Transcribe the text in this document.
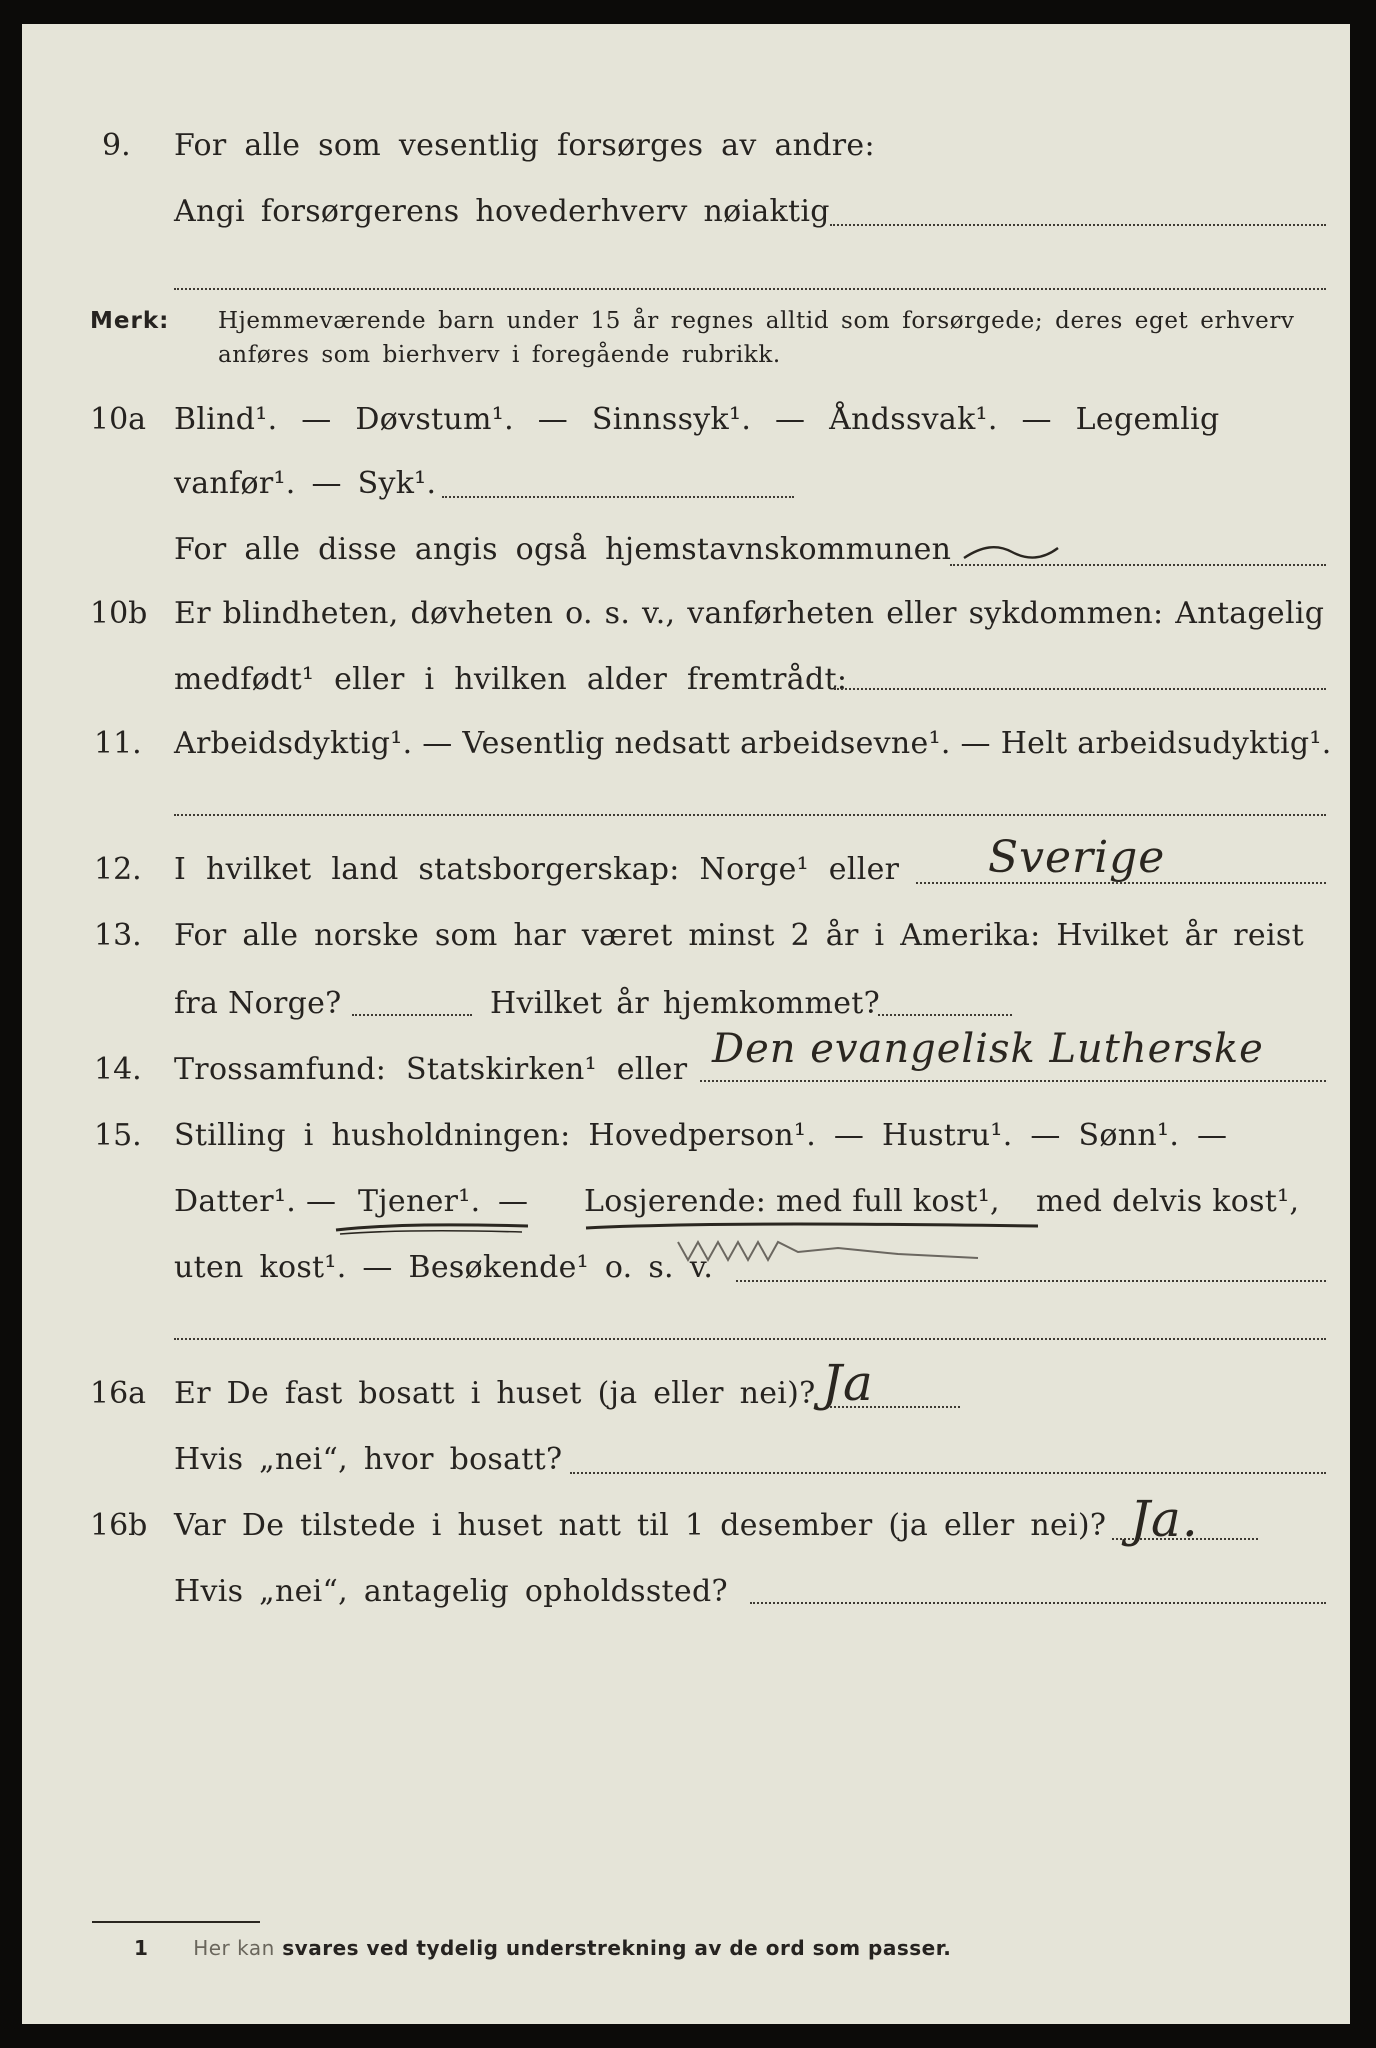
9. For alle som vesentlig forsørges av andre:
Angi forsørgerens hovederhverv nøiaktig
Merk: Hjemmeværende barn under 15 år regnes alltid som forsørgede; deres eget erhverv
anføres som bierhverv i foregående rubrikk.
10a Blind¹. — Døvstum¹. — Sinnssyk¹. — Åndssvak¹. — Legemlig
vanfør¹. — Syk¹.
For alle disse angis også hjemstavnskommunen
10b Er blindheten, døvheten o. s. v., vanførheten eller sykdommen: Antagelig
medfødt¹ eller i hvilken alder fremtrådt:
11. Arbeidsdyktig¹. — Vesentlig nedsatt arbeidsevne¹. — Helt arbeidsudyktig¹.
12. I hvilket land statsborgerskap: Norge¹ eller Sverige
13. For alle norske som har været minst 2 år i Amerika: Hvilket år reist
fra Norge?	Hvilket år hjemkommet?
14. Trossamfund: Statskirken¹ eller Den evangelisk Lutherske
15. Stilling i husholdningen: Hovedperson¹. — Hustru¹. — Sønn¹. —
Datter¹. — Tjener¹. — Losjerende: med full kost¹, med delvis kost¹,
uten kost¹. — Besøkende¹ o. s. v.
16a Er De fast bosatt i huset (ja eller nei)? Ja
Hvis „nei“, hvor bosatt?
16b Var De tilstede i huset natt til 1 desember (ja eller nei)? Ja.
Hvis „nei“, antagelig opholdssted?
1 Her kan svares ved tydelig understrekning av de ord som passer.
